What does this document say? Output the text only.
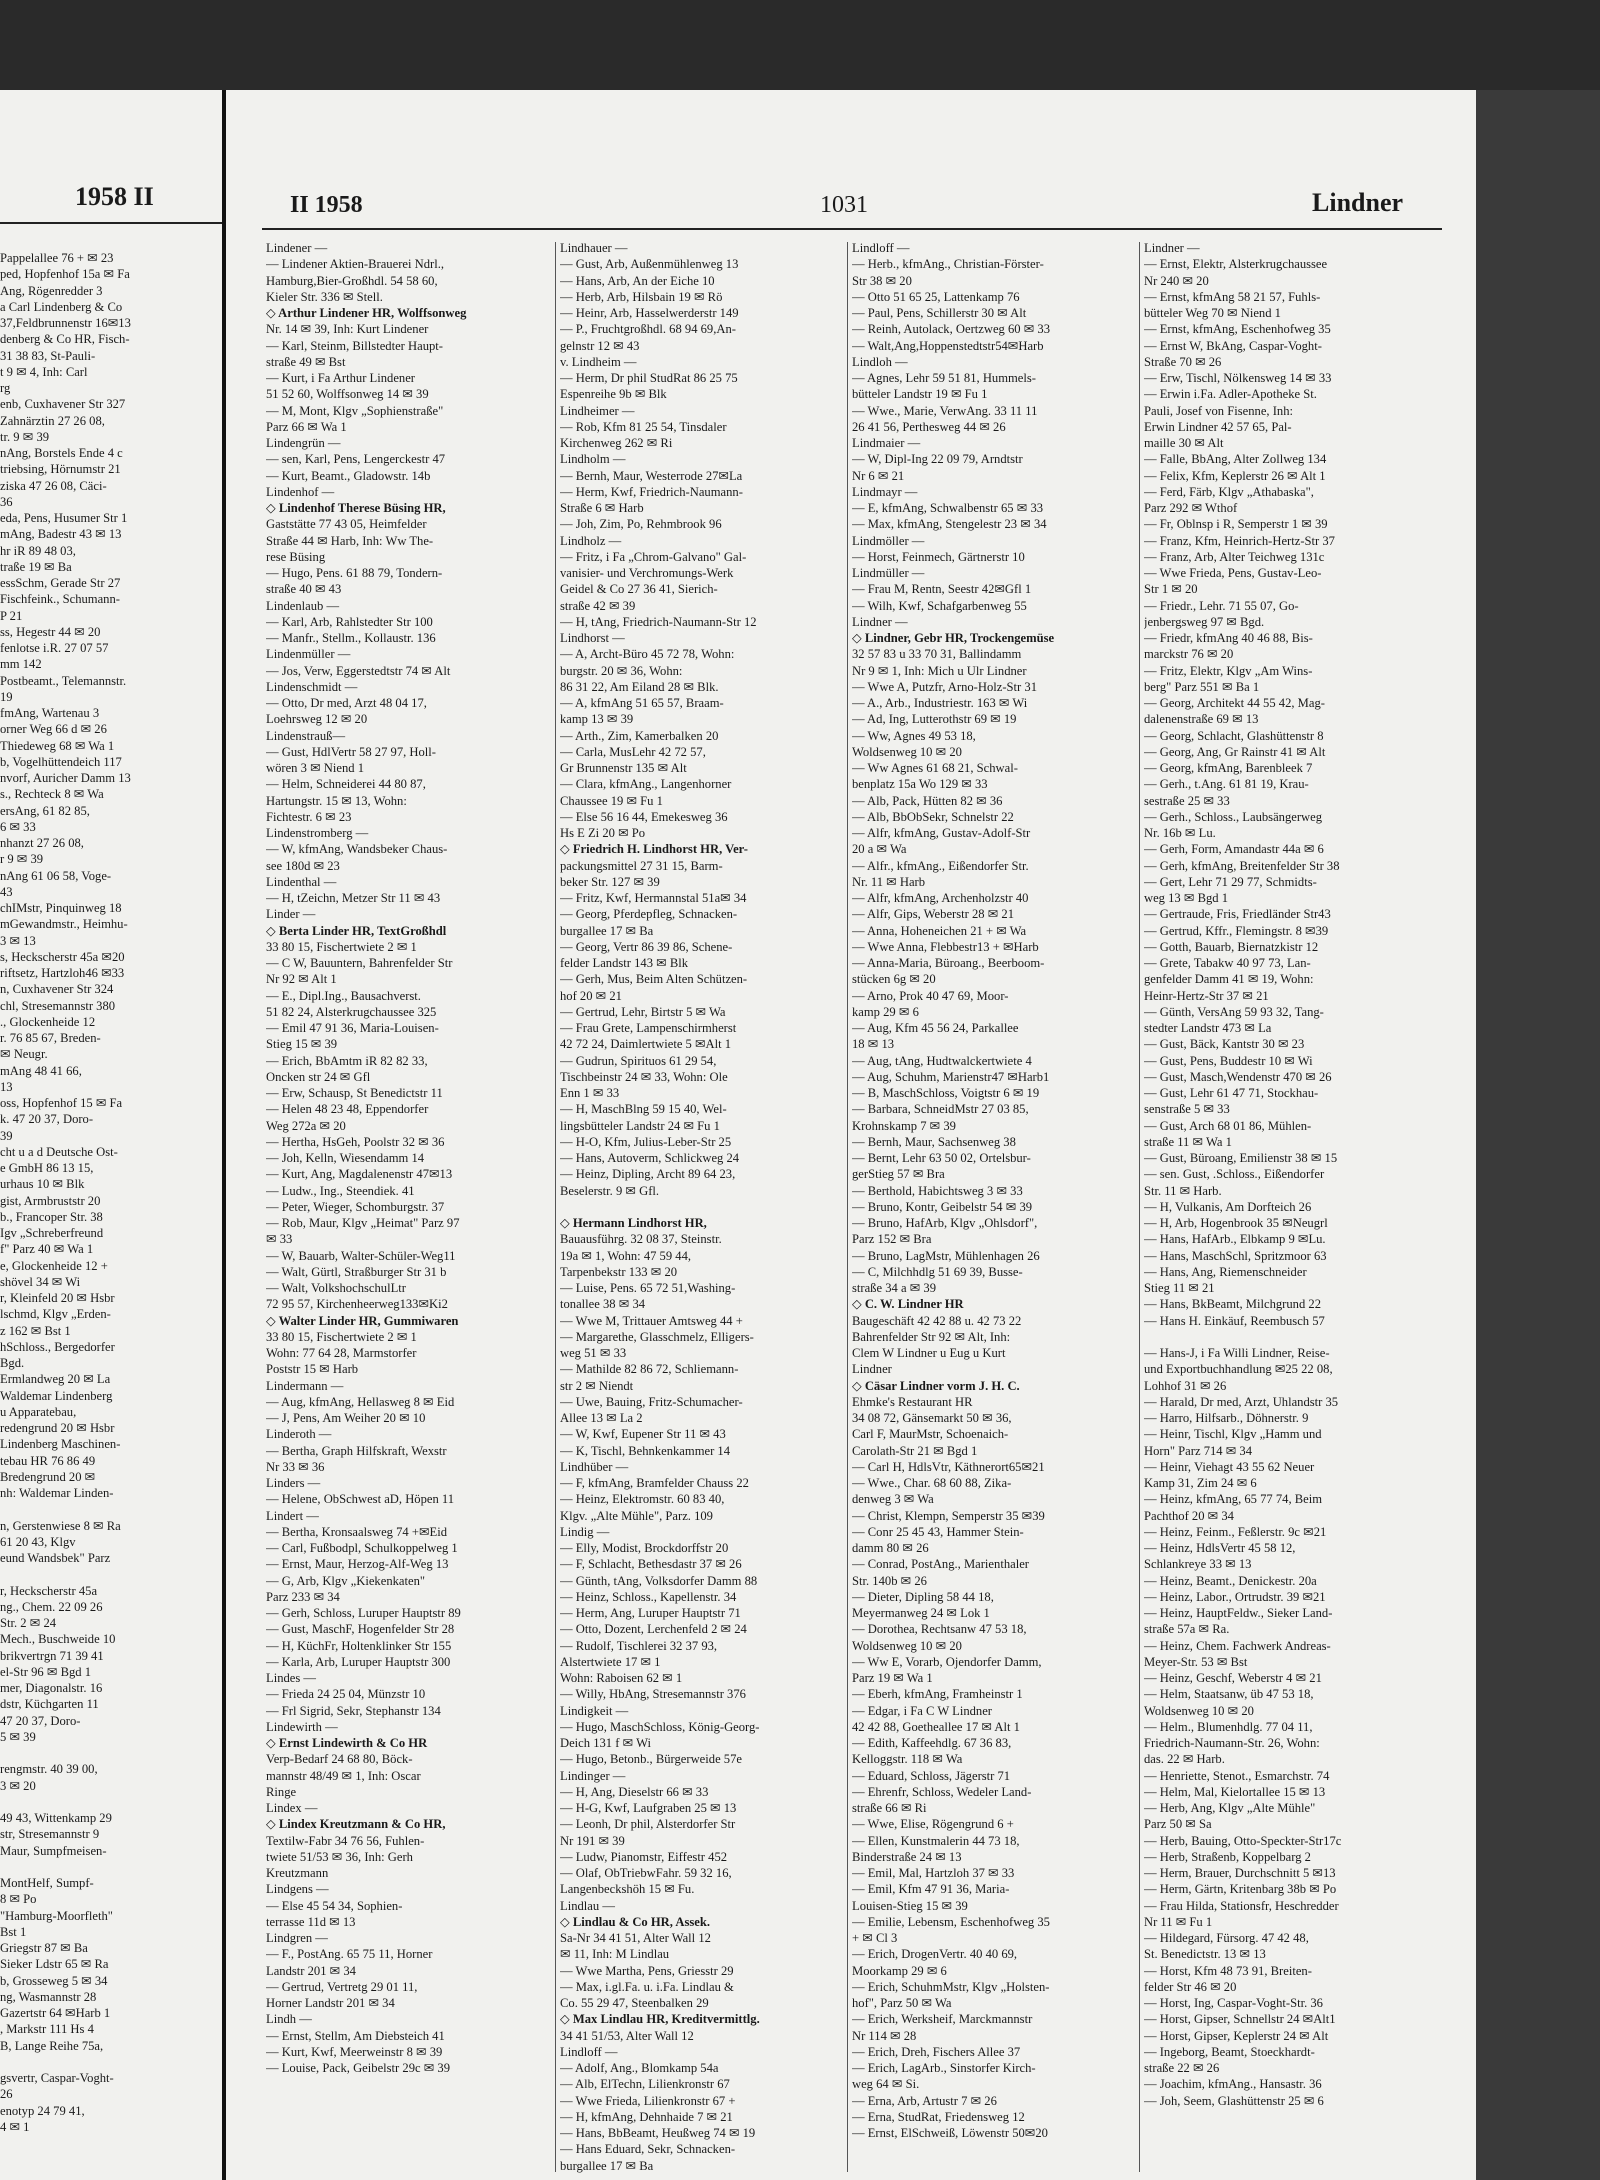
1958 II	II 1958	1031	Lindner
Pappelallee 76 + ✉ 23
ped, Hopfenhof 15a ✉ Fa
Ang, Rögenredder 3
a Carl Lindenberg & Co
37,Feldbrunnenstr 16✉13
denberg & Co HR, Fisch-
31 38 83, St-Pauli-
t 9 ✉ 4, Inh: Carl
rg
enb, Cuxhavener Str 327
Zahnärztin 27 26 08,
tr. 9 ✉ 39
nAng, Borstels Ende 4 c
triebsing, Hörnumstr 21
ziska 47 26 08, Cäci-
36
eda, Pens, Husumer Str 1
mAng, Badestr 43 ✉ 13
hr iR 89 48 03,
traße 19 ✉ Ba
essSchm, Gerade Str 27
Fischfeink., Schumann-
P 21
ss, Hegestr 44 ✉ 20
fenlotse i.R. 27 07 57
mm 142
Postbeamt., Telemannstr.
19
fmAng, Wartenau 3
orner Weg 66 d ✉ 26
Thiedeweg 68 ✉ Wa 1
b, Vogelhüttendeich 117
nvorf, Auricher Damm 13
s., Rechteck 8 ✉ Wa
ersAng, 61 82 85,
6 ✉ 33
nhanzt 27 26 08,
r 9 ✉ 39
nAng 61 06 58, Voge-
43
chIMstr, Pinquinweg 18
mGewandmstr., Heimhu-
3 ✉ 13
s, Heckscherstr 45a ✉20
riftsetz, Hartzloh46 ✉33
n, Cuxhavener Str 324
chl, Stresemannstr 380
., Glockenheide 12
r. 76 85 67, Breden-
✉ Neugr.
mAng 48 41 66,
13
oss, Hopfenhof 15 ✉ Fa
k. 47 20 37, Doro-
39
cht u a d Deutsche Ost-
e GmbH 86 13 15,
urhaus 10 ✉ Blk
gist, Armbruststr 20
b., Francoper Str. 38
Igv „Schreberfreund
f" Parz 40 ✉ Wa 1
e, Glockenheide 12 +
shövel 34 ✉ Wi
r, Kleinfeld 20 ✉ Hsbr
lschmd, Klgv „Erden-
z 162 ✉ Bst 1
hSchloss., Bergedorfer
Bgd.
Ermlandweg 20 ✉ La
Waldemar Lindenberg
u Apparatebau,
redengrund 20 ✉ Hsbr
Lindenberg Maschinen-
tebau HR 76 86 49
Bredengrund 20 ✉
nh: Waldemar Linden-
n, Gerstenwiese 8 ✉ Ra
61 20 43, Klgv
eund Wandsbek" Parz
r, Heckscherstr 45a
ng., Chem. 22 09 26
Str. 2 ✉ 24
Mech., Buschweide 10
brikvertrgn 71 39 41
el-Str 96 ✉ Bgd 1
mer, Diagonalstr. 16
dstr, Küchgarten 11
47 20 37, Doro-
5 ✉ 39
rengmstr. 40 39 00,
3 ✉ 20
49 43, Wittenkamp 29
str, Stresemannstr 9
Maur, Sumpfmeisen-
MontHelf, Sumpf-
8 ✉ Po
"Hamburg-Moorfleth"
Bst 1
Griegstr 87 ✉ Ba
Sieker Ldstr 65 ✉ Ra
b, Grosseweg 5 ✉ 34
ng, Wasmannstr 28
Gazertstr 64 ✉Harb 1
, Markstr 111 Hs 4
B, Lange Reihe 75a,
gsvertr, Caspar-Voght-
26
enotyp 24 79 41,
4 ✉ 1
Lindener —
— Lindener Aktien-Brauerei Ndrl.,
Hamburg,Bier-Großhdl. 54 58 60,
Kieler Str. 336 ✉ Stell.
◇ Arthur Lindener HR, Wolffsonweg
Nr. 14 ✉ 39, Inh: Kurt Lindener
— Karl, Steinm, Billstedter Haupt-
straße 49 ✉ Bst
— Kurt, i Fa Arthur Lindener
51 52 60, Wolffsonweg 14 ✉ 39
— M, Mont, Klgv „Sophienstraße"
Parz 66 ✉ Wa 1
Lindengrün —
— sen, Karl, Pens, Lengerckestr 47
— Kurt, Beamt., Gladowstr. 14b
Lindenhof —
◇ Lindenhof Therese Büsing HR,
Gaststätte 77 43 05, Heimfelder
Straße 44 ✉ Harb, Inh: Ww The-
rese Büsing
— Hugo, Pens. 61 88 79, Tondern-
straße 40 ✉ 43
Lindenlaub —
— Karl, Arb, Rahlstedter Str 100
— Manfr., Stellm., Kollaustr. 136
Lindenmüller —
— Jos, Verw, Eggerstedtstr 74 ✉ Alt
Lindenschmidt —
— Otto, Dr med, Arzt 48 04 17,
Loehrsweg 12 ✉ 20
Lindenstrauß—
— Gust, HdlVertr 58 27 97, Holl-
wören 3 ✉ Niend 1
— Helm, Schneiderei 44 80 87,
Hartungstr. 15 ✉ 13, Wohn:
Fichtestr. 6 ✉ 23
Lindenstromberg —
— W, kfmAng, Wandsbeker Chaus-
see 180d ✉ 23
Lindenthal —
— H, tZeichn, Metzer Str 11 ✉ 43
Linder —
◇ Berta Linder HR, TextGroßhdl
33 80 15, Fischertwiete 2 ✉ 1
— C W, Bauuntern, Bahrenfelder Str
Nr 92 ✉ Alt 1
— E., Dipl.Ing., Bausachverst.
51 82 24, Alsterkrugchaussee 325
— Emil 47 91 36, Maria-Louisen-
Stieg 15 ✉ 39
— Erich, BbAmtm iR 82 82 33,
Oncken str 24 ✉ Gfl
— Erw, Schausp, St Benedictstr 11
— Helen 48 23 48, Eppendorfer
Weg 272a ✉ 20
— Hertha, HsGeh, Poolstr 32 ✉ 36
— Joh, Kelln, Wiesendamm 14
— Kurt, Ang, Magdalenenstr 47✉13
— Ludw., Ing., Steendiek. 41
— Peter, Wieger, Schomburgstr. 37
— Rob, Maur, Klgv „Heimat" Parz 97
✉ 33
— W, Bauarb, Walter-Schüler-Weg11
— Walt, Gürtl, Straßburger Str 31 b
— Walt, VolkshochschulLtr
72 95 57, Kirchenheerweg133✉Ki2
◇ Walter Linder HR, Gummiwaren
33 80 15, Fischertwiete 2 ✉ 1
Wohn: 77 64 28, Marmstorfer
Poststr 15 ✉ Harb
Lindermann —
— Aug, kfmAng, Hellasweg 8 ✉ Eid
— J, Pens, Am Weiher 20 ✉ 10
Linderoth —
— Bertha, Graph Hilfskraft, Wexstr
Nr 33 ✉ 36
Linders —
— Helene, ObSchwest aD, Höpen 11
Lindert —
— Bertha, Kronsaalsweg 74 +✉Eid
— Carl, Fußbodpl, Schulkoppelweg 1
— Ernst, Maur, Herzog-Alf-Weg 13
— G, Arb, Klgv „Kiekenkaten"
Parz 233 ✉ 34
— Gerh, Schloss, Luruper Hauptstr 89
— Gust, MaschF, Hogenfelder Str 28
— H, KüchFr, Holtenklinker Str 155
— Karla, Arb, Luruper Hauptstr 300
Lindes —
— Frieda 24 25 04, Münzstr 10
— Frl Sigrid, Sekr, Stephanstr 134
Lindewirth —
◇ Ernst Lindewirth & Co HR
Verp-Bedarf 24 68 80, Böck-
mannstr 48/49 ✉ 1, Inh: Oscar
Ringe
Lindex —
◇ Lindex Kreutzmann & Co HR,
Textilw-Fabr 34 76 56, Fuhlen-
twiete 51/53 ✉ 36, Inh: Gerh
Kreutzmann
Lindgens —
— Else 45 54 34, Sophien-
terrasse 11d ✉ 13
Lindgren —
— F., PostAng. 65 75 11, Horner
Landstr 201 ✉ 34
— Gertrud, Vertretg 29 01 11,
Horner Landstr 201 ✉ 34
Lindh —
— Ernst, Stellm, Am Diebsteich 41
— Kurt, Kwf, Meerweinstr 8 ✉ 39
— Louise, Pack, Geibelstr 29c ✉ 39
Lindhauer —
— Gust, Arb, Außenmühlenweg 13
— Hans, Arb, An der Eiche 10
— Herb, Arb, Hilsbain 19 ✉ Rö
— Heinr, Arb, Hasselwerderstr 149
— P., Fruchtgroßhdl. 68 94 69,An-
gelnstr 12 ✉ 43
v. Lindheim —
— Herm, Dr phil StudRat 86 25 75
Espenreihe 9b ✉ Blk
Lindheimer —
— Rob, Kfm 81 25 54, Tinsdaler
Kirchenweg 262 ✉ Ri
Lindholm —
— Bernh, Maur, Westerrode 27✉La
— Herm, Kwf, Friedrich-Naumann-
Straße 6 ✉ Harb
— Joh, Zim, Po, Rehmbrook 96
Lindholz —
— Fritz, i Fa „Chrom-Galvano" Gal-
vanisier- und Verchromungs-Werk
Geidel & Co 27 36 41, Sierich-
straße 42 ✉ 39
— H, tAng, Friedrich-Naumann-Str 12
Lindhorst —
— A, Archt-Büro 45 72 78, Wohn:
burgstr. 20 ✉ 36, Wohn:
86 31 22, Am Eiland 28 ✉ Blk.
— A, kfmAng 51 65 57, Braam-
kamp 13 ✉ 39
— Arth., Zim, Kamerbalken 20
— Carla, MusLehr 42 72 57,
Gr Brunnenstr 135 ✉ Alt
— Clara, kfmAng., Langenhorner
Chaussee 19 ✉ Fu 1
— Else 56 16 44, Emekesweg 36
Hs E Zi 20 ✉ Po
◇ Friedrich H. Lindhorst HR, Ver-
packungsmittel 27 31 15, Barm-
beker Str. 127 ✉ 39
— Fritz, Kwf, Hermannstal 51a✉ 34
— Georg, Pferdepfleg, Schnacken-
burgallee 17 ✉ Ba
— Georg, Vertr 86 39 86, Schene-
felder Landstr 143 ✉ Blk
— Gerh, Mus, Beim Alten Schützen-
hof 20 ✉ 21
— Gertrud, Lehr, Birtstr 5 ✉ Wa
— Frau Grete, Lampenschirmherst
42 72 24, Daimlertwiete 5 ✉Alt 1
— Gudrun, Spirituos 61 29 54,
Tischbeinstr 24 ✉ 33, Wohn: Ole
Enn 1 ✉ 33
— H, MaschBlng 59 15 40, Wel-
lingsbütteler Landstr 24 ✉ Fu 1
— H-O, Kfm, Julius-Leber-Str 25
— Hans, Autoverm, Schlickweg 24
— Heinz, Dipling, Archt 89 64 23,
Beselerstr. 9 ✉ Gfl.
◇ Hermann Lindhorst HR,
Bauausführg. 32 08 37, Steinstr.
19a ✉ 1, Wohn: 47 59 44,
Tarpenbekstr 133 ✉ 20
— Luise, Pens. 65 72 51,Washing-
tonallee 38 ✉ 34
— Wwe M, Trittauer Amtsweg 44 +
— Margarethe, Glasschmelz, Elligers-
weg 51 ✉ 33
— Mathilde 82 86 72, Schliemann-
str 2 ✉ Niendt
— Uwe, Bauing, Fritz-Schumacher-
Allee 13 ✉ La 2
— W, Kwf, Eupener Str 11 ✉ 43
— K, Tischl, Behnkenkammer 14
Lindhüber —
— F, kfmAng, Bramfelder Chauss 22
— Heinz, Elektromstr. 60 83 40,
Klgv. „Alte Mühle", Parz. 109
Lindig —
— Elly, Modist, Brockdorffstr 20
— F, Schlacht, Bethesdastr 37 ✉ 26
— Günth, tAng, Volksdorfer Damm 88
— Heinz, Schloss., Kapellenstr. 34
— Herm, Ang, Luruper Hauptstr 71
— Otto, Dozent, Lerchenfeld 2 ✉ 24
— Rudolf, Tischlerei 32 37 93,
Alstertwiete 17 ✉ 1
Wohn: Raboisen 62 ✉ 1
— Willy, HbAng, Stresemannstr 376
Lindigkeit —
— Hugo, MaschSchloss, König-Georg-
Deich 131 f ✉ Wi
— Hugo, Betonb., Bürgerweide 57e
Lindinger —
— H, Ang, Dieselstr 66 ✉ 33
— H-G, Kwf, Laufgraben 25 ✉ 13
— Leonh, Dr phil, Alsterdorfer Str
Nr 191 ✉ 39
— Ludw, Pianomstr, Eiffestr 452
— Olaf, ObTriebwFahr. 59 32 16,
Langenbeckshöh 15 ✉ Fu.
Lindlau —
◇ Lindlau & Co HR, Assek.
Sa-Nr 34 41 51, Alter Wall 12
✉ 11, Inh: M Lindlau
— Wwe Martha, Pens, Griesstr 29
— Max, i.gl.Fa. u. i.Fa. Lindlau &
Co. 55 29 47, Steenbalken 29
◇ Max Lindlau HR, Kreditvermittlg.
34 41 51/53, Alter Wall 12
Lindloff —
— Adolf, Ang., Blomkamp 54a
— Alb, ElTechn, Lilienkronstr 67
— Wwe Frieda, Lilienkronstr 67 +
— H, kfmAng, Dehnhaide 7 ✉ 21
— Hans, BbBeamt, Heußweg 74 ✉ 19
— Hans Eduard, Sekr, Schnacken-
burgallee 17 ✉ Ba
Lindloff —
— Herb., kfmAng., Christian-Förster-
Str 38 ✉ 20
— Otto 51 65 25, Lattenkamp 76
— Paul, Pens, Schillerstr 30 ✉ Alt
— Reinh, Autolack, Oertzweg 60 ✉ 33
— Walt,Ang,Hoppenstedtstr54✉Harb
Lindloh —
— Agnes, Lehr 59 51 81, Hummels-
bütteler Landstr 19 ✉ Fu 1
— Wwe., Marie, VerwAng. 33 11 11
26 41 56, Perthesweg 44 ✉ 26
Lindmaier —
— W, Dipl-Ing 22 09 79, Arndtstr
Nr 6 ✉ 21
Lindmayr —
— E, kfmAng, Schwalbenstr 65 ✉ 33
— Max, kfmAng, Stengelestr 23 ✉ 34
Lindmöller —
— Horst, Feinmech, Gärtnerstr 10
Lindmüller —
— Frau M, Rentn, Seestr 42✉Gfl 1
— Wilh, Kwf, Schafgarbenweg 55
Lindner —
◇ Lindner, Gebr HR, Trockengemüse
32 57 83 u 33 70 31, Ballindamm
Nr 9 ✉ 1, Inh: Mich u Ulr Lindner
— Wwe A, Putzfr, Arno-Holz-Str 31
— A., Arb., Industriestr. 163 ✉ Wi
— Ad, Ing, Lutterothstr 69 ✉ 19
— Ww, Agnes 49 53 18,
Woldsenweg 10 ✉ 20
— Ww Agnes 61 68 21, Schwal-
benplatz 15a Wo 129 ✉ 33
— Alb, Pack, Hütten 82 ✉ 36
— Alb, BbObSekr, Schnelstr 22
— Alfr, kfmAng, Gustav-Adolf-Str
20 a ✉ Wa
— Alfr., kfmAng., Eißendorfer Str.
Nr. 11 ✉ Harb
— Alfr, kfmAng, Archenholzstr 40
— Alfr, Gips, Weberstr 28 ✉ 21
— Anna, Hoheneichen 21 + ✉ Wa
— Wwe Anna, Flebbestr13 + ✉Harb
— Anna-Maria, Büroang., Beerboom-
stücken 6g ✉ 20
— Arno, Prok 40 47 69, Moor-
kamp 29 ✉ 6
— Aug, Kfm 45 56 24, Parkallee
18 ✉ 13
— Aug, tAng, Hudtwalckertwiete 4
— Aug, Schuhm, Marienstr47 ✉Harb1
— B, MaschSchloss, Voigtstr 6 ✉ 19
— Barbara, SchneidMstr 27 03 85,
Krohnskamp 7 ✉ 39
— Bernh, Maur, Sachsenweg 38
— Bernt, Lehr 63 50 02, Ortelsbur-
gerStieg 57 ✉ Bra
— Berthold, Habichtsweg 3 ✉ 33
— Bruno, Kontr, Geibelstr 54 ✉ 39
— Bruno, HafArb, Klgv „Ohlsdorf",
Parz 152 ✉ Bra
— Bruno, LagMstr, Mühlenhagen 26
— C, Milchhdlg 51 69 39, Busse-
straße 34 a ✉ 39
◇ C. W. Lindner HR
Baugeschäft 42 42 88 u. 42 73 22
Bahrenfelder Str 92 ✉ Alt, Inh:
Clem W Lindner u Eug u Kurt
Lindner
◇ Cäsar Lindner vorm J. H. C.
Ehmke's Restaurant HR
34 08 72, Gänsemarkt 50 ✉ 36,
Carl F, MaurMstr, Schoenaich-
Carolath-Str 21 ✉ Bgd 1
— Carl H, HdlsVtr, Käthnerort65✉21
— Wwe., Char. 68 60 88, Zika-
denweg 3 ✉ Wa
— Christ, Klempn, Semperstr 35 ✉39
— Conr 25 45 43, Hammer Stein-
damm 80 ✉ 26
— Conrad, PostAng., Marienthaler
Str. 140b ✉ 26
— Dieter, Dipling 58 44 18,
Meyermanweg 24 ✉ Lok 1
— Dorothea, Rechtsanw 47 53 18,
Woldsenweg 10 ✉ 20
— Ww E, Vorarb, Ojendorfer Damm,
Parz 19 ✉ Wa 1
— Eberh, kfmAng, Framheinstr 1
— Edgar, i Fa C W Lindner
42 42 88, Goetheallee 17 ✉ Alt 1
— Edith, Kaffeehdlg. 67 36 83,
Kelloggstr. 118 ✉ Wa
— Eduard, Schloss, Jägerstr 71
— Ehrenfr, Schloss, Wedeler Land-
straße 66 ✉ Ri
— Wwe, Elise, Rögengrund 6 +
— Ellen, Kunstmalerin 44 73 18,
Binderstraße 24 ✉ 13
— Emil, Mal, Hartzloh 37 ✉ 33
— Emil, Kfm 47 91 36, Maria-
Louisen-Stieg 15 ✉ 39
— Emilie, Lebensm, Eschenhofweg 35
+ ✉ Cl 3
— Erich, DrogenVertr. 40 40 69,
Moorkamp 29 ✉ 6
— Erich, SchuhmMstr, Klgv „Holsten-
hof", Parz 50 ✉ Wa
— Erich, Werksheif, Marckmannstr
Nr 114 ✉ 28
— Erich, Dreh, Fischers Allee 37
— Erich, LagArb., Sinstorfer Kirch-
weg 64 ✉ Si.
— Erna, Arb, Artustr 7 ✉ 26
— Erna, StudRat, Friedensweg 12
— Ernst, ElSchweiß, Löwenstr 50✉20
Lindner —
— Ernst, Elektr, Alsterkrugchaussee
Nr 240 ✉ 20
— Ernst, kfmAng 58 21 57, Fuhls-
bütteler Weg 70 ✉ Niend 1
— Ernst, kfmAng, Eschenhofweg 35
— Ernst W, BkAng, Caspar-Voght-
Straße 70 ✉ 26
— Erw, Tischl, Nölkensweg 14 ✉ 33
— Erwin i.Fa. Adler-Apotheke St.
Pauli, Josef von Fisenne, Inh:
Erwin Lindner 42 57 65, Pal-
maille 30 ✉ Alt
— Falle, BbAng, Alter Zollweg 134
— Felix, Kfm, Keplerstr 26 ✉ Alt 1
— Ferd, Färb, Klgv „Athabaska",
Parz 292 ✉ Wthof
— Fr, Oblnsp i R, Semperstr 1 ✉ 39
— Franz, Kfm, Heinrich-Hertz-Str 37
— Franz, Arb, Alter Teichweg 131c
— Wwe Frieda, Pens, Gustav-Leo-
Str 1 ✉ 20
— Friedr., Lehr. 71 55 07, Go-
jenbergsweg 97 ✉ Bgd.
— Friedr, kfmAng 40 46 88, Bis-
marckstr 76 ✉ 20
— Fritz, Elektr, Klgv „Am Wins-
berg" Parz 551 ✉ Ba 1
— Georg, Architekt 44 55 42, Mag-
dalenenstraße 69 ✉ 13
— Georg, Schlacht, Glashüttenstr 8
— Georg, Ang, Gr Rainstr 41 ✉ Alt
— Georg, kfmAng, Barenbleek 7
— Gerh., t.Ang. 61 81 19, Krau-
sestraße 25 ✉ 33
— Gerh., Schloss., Laubsängerweg
Nr. 16b ✉ Lu.
— Gerh, Form, Amandastr 44a ✉ 6
— Gerh, kfmAng, Breitenfelder Str 38
— Gert, Lehr 71 29 77, Schmidts-
weg 13 ✉ Bgd 1
— Gertraude, Fris, Friedländer Str43
— Gertrud, Kffr., Flemingstr. 8 ✉39
— Gotth, Bauarb, Biernatzkistr 12
— Grete, Tabakw 40 97 73, Lan-
genfelder Damm 41 ✉ 19, Wohn:
Heinr-Hertz-Str 37 ✉ 21
— Günth, VersAng 59 93 32, Tang-
stedter Landstr 473 ✉ La
— Gust, Bäck, Kantstr 30 ✉ 23
— Gust, Pens, Buddestr 10 ✉ Wi
— Gust, Masch,Wendenstr 470 ✉ 26
— Gust, Lehr 61 47 71, Stockhau-
senstraße 5 ✉ 33
— Gust, Arch 68 01 86, Mühlen-
straße 11 ✉ Wa 1
— Gust, Büroang, Emilienstr 38 ✉ 15
— sen. Gust, .Schloss., Eißendorfer
Str. 11 ✉ Harb.
— H, Vulkanis, Am Dorfteich 26
— H, Arb, Hogenbrook 35 ✉Neugrl
— Hans, HafArb., Elbkamp 9 ✉Lu.
— Hans, MaschSchl, Spritzmoor 63
— Hans, Ang, Riemenschneider
Stieg 11 ✉ 21
— Hans, BkBeamt, Milchgrund 22
— Hans H. Einkäuf, Reembusch 57
— Hans-J, i Fa Willi Lindner, Reise-
und Exportbuchhandlung ✉25 22 08,
Lohhof 31 ✉ 26
— Harald, Dr med, Arzt, Uhlandstr 35
— Harro, Hilfsarb., Döhnerstr. 9
— Heinr, Tischl, Klgv „Hamm und
Horn" Parz 714 ✉ 34
— Heinr, Viehagt 43 55 62 Neuer
Kamp 31, Zim 24 ✉ 6
— Heinz, kfmAng, 65 77 74, Beim
Pachthof 20 ✉ 34
— Heinz, Feinm., Feßlerstr. 9c ✉21
— Heinz, HdlsVertr 45 58 12,
Schlankreye 33 ✉ 13
— Heinz, Beamt., Denickestr. 20a
— Heinz, Labor., Ortrudstr. 39 ✉21
— Heinz, HauptFeldw., Sieker Land-
straße 57a ✉ Ra.
— Heinz, Chem. Fachwerk Andreas-
Meyer-Str. 53 ✉ Bst
— Heinz, Geschf, Weberstr 4 ✉ 21
— Helm, Staatsanw, üb 47 53 18,
Woldsenweg 10 ✉ 20
— Helm., Blumenhdlg. 77 04 11,
Friedrich-Naumann-Str. 26, Wohn:
das. 22 ✉ Harb.
— Henriette, Stenot., Esmarchstr. 74
— Helm, Mal, Kielortallee 15 ✉ 13
— Herb, Ang, Klgv „Alte Mühle"
Parz 50 ✉ Sa
— Herb, Bauing, Otto-Speckter-Str17c
— Herb, Straßenb, Koppelbarg 2
— Herm, Brauer, Durchschnitt 5 ✉13
— Herm, Gärtn, Kritenbarg 38b ✉ Po
— Frau Hilda, Stationsfr, Heschredder
Nr 11 ✉ Fu 1
— Hildegard, Fürsorg. 47 42 48,
St. Benedictstr. 13 ✉ 13
— Horst, Kfm 48 73 91, Breiten-
felder Str 46 ✉ 20
— Horst, Ing, Caspar-Voght-Str. 36
— Horst, Gipser, Schnellstr 24 ✉Alt1
— Horst, Gipser, Keplerstr 24 ✉ Alt
— Ingeborg, Beamt, Stoeckhardt-
straße 22 ✉ 26
— Joachim, kfmAng., Hansastr. 36
— Joh, Seem, Glashüttenstr 25 ✉ 6
